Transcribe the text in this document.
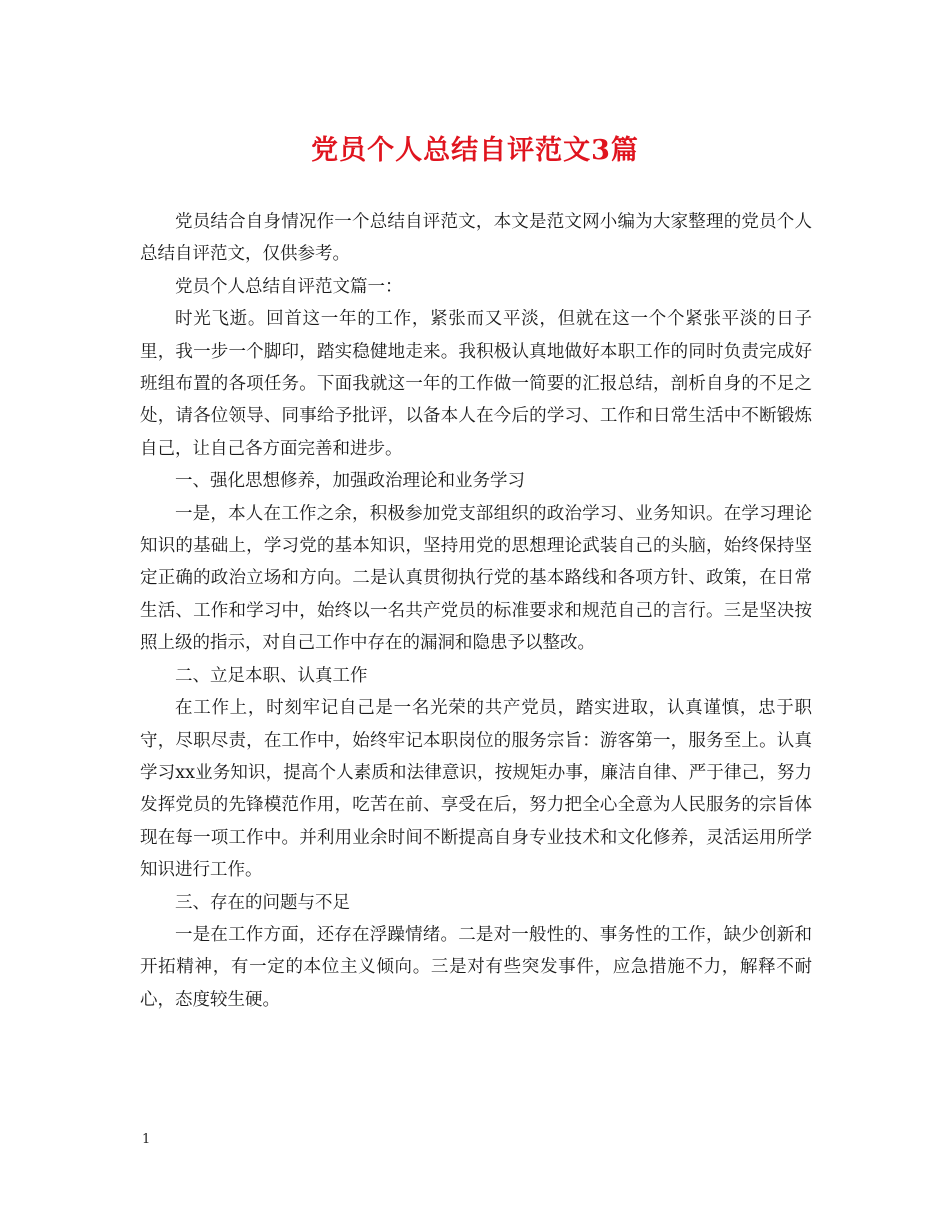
党员个人总结自评范文3篇

党员结合自身情况作一个总结自评范文，本文是范文网小编为大家整理的党员个人总结自评范文，仅供参考。

党员个人总结自评范文篇一：

时光飞逝。回首这一年的工作，紧张而又平淡，但就在这一个个紧张平淡的日子里，我一步一个脚印，踏实稳健地走来。我积极认真地做好本职工作的同时负责完成好班组布置的各项任务。下面我就这一年的工作做一简要的汇报总结，剖析自身的不足之处，请各位领导、同事给予批评，以备本人在今后的学习、工作和日常生活中不断锻炼自己，让自己各方面完善和进步。

一、强化思想修养，加强政治理论和业务学习

一是，本人在工作之余，积极参加党支部组织的政治学习、业务知识。在学习理论知识的基础上，学习党的基本知识，坚持用党的思想理论武装自己的头脑，始终保持坚定正确的政治立场和方向。二是认真贯彻执行党的基本路线和各项方针、政策，在日常生活、工作和学习中，始终以一名共产党员的标准要求和规范自己的言行。三是坚决按照上级的指示，对自己工作中存在的漏洞和隐患予以整改。

二、立足本职、认真工作

在工作上，时刻牢记自己是一名光荣的共产党员，踏实进取，认真谨慎，忠于职守，尽职尽责，在工作中，始终牢记本职岗位的服务宗旨：游客第一，服务至上。认真学习xx业务知识，提高个人素质和法律意识，按规矩办事，廉洁自律、严于律己，努力发挥党员的先锋模范作用，吃苦在前、享受在后，努力把全心全意为人民服务的宗旨体现在每一项工作中。并利用业余时间不断提高自身专业技术和文化修养，灵活运用所学知识进行工作。

三、存在的问题与不足

一是在工作方面，还存在浮躁情绪。二是对一般性的、事务性的工作，缺少创新和开拓精神，有一定的本位主义倾向。三是对有些突发事件，应急措施不力，解释不耐心，态度较生硬。

1
